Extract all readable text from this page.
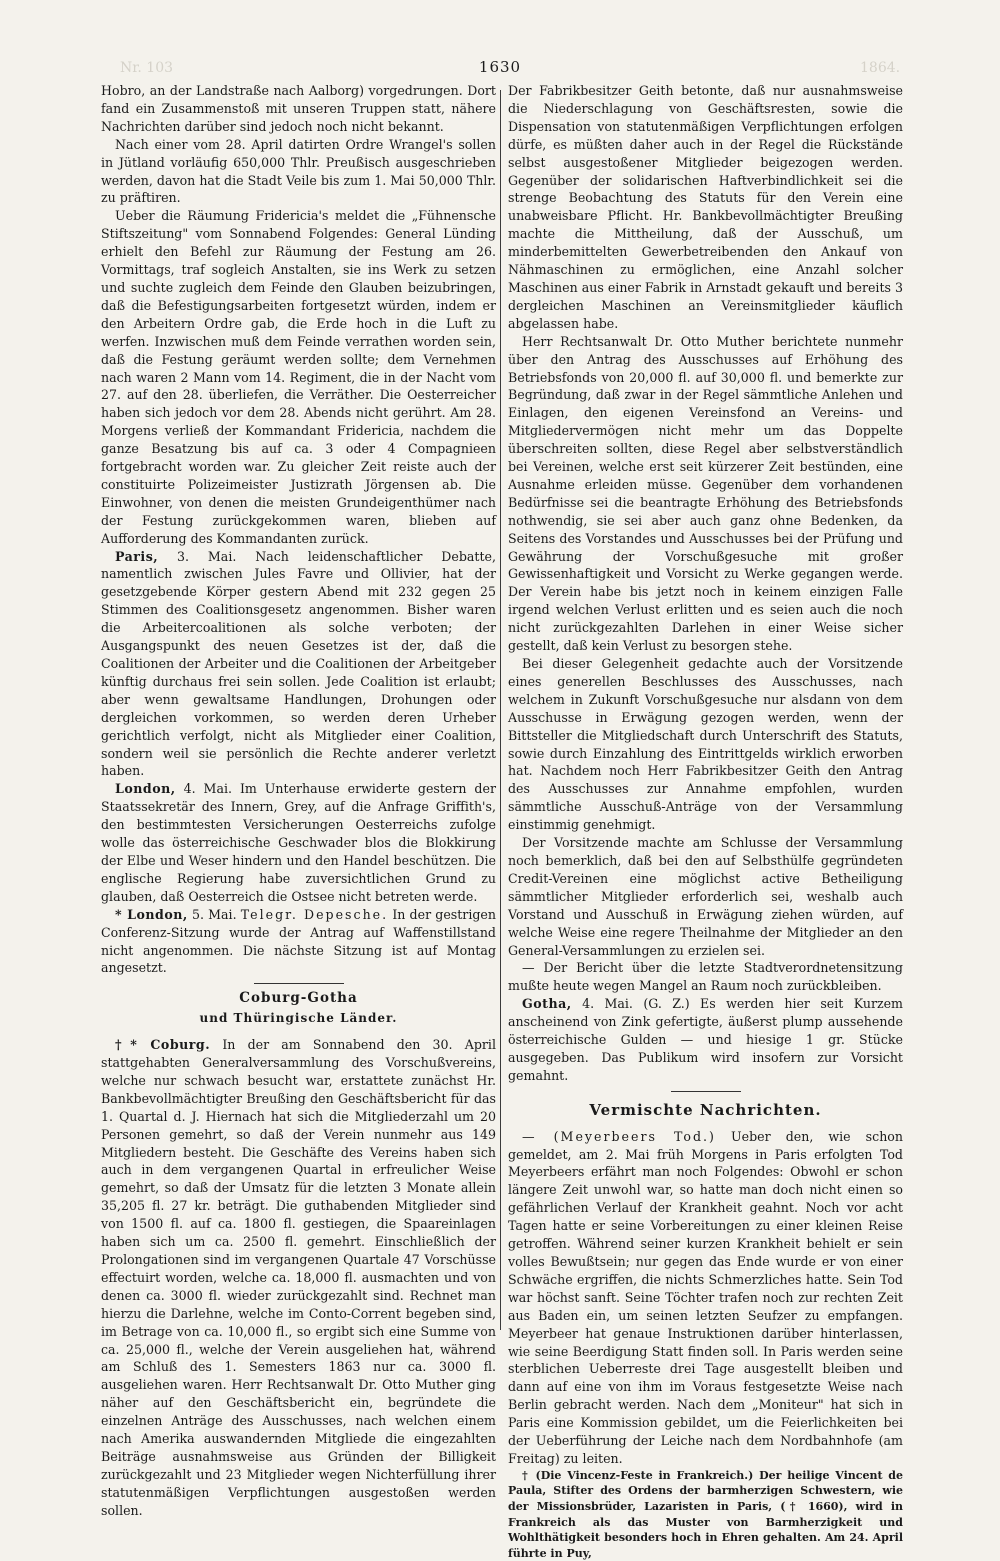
Nr. 103	1864.
1630

Hobro, an der Landstraße nach Aalborg) vorgedrungen. Dort fand ein Zusammenstoß mit unseren Truppen statt, nähere Nachrichten darüber sind jedoch noch nicht bekannt.

Nach einer vom 28. April datirten Ordre Wrangel's sollen in Jütland vorläufig 650,000 Thlr. Preußisch ausgeschrieben werden, davon hat die Stadt Veile bis zum 1. Mai 50,000 Thlr. zu präftiren.

Ueber die Räumung Fridericia's meldet die „Fühnensche Stiftszeitung" vom Sonnabend Folgendes: General Lünding erhielt den Befehl zur Räumung der Festung am 26. Vormittags, traf sogleich Anstalten, sie ins Werk zu setzen und suchte zugleich dem Feinde den Glauben beizubringen, daß die Befestigungsarbeiten fortgesetzt würden, indem er den Arbeitern Ordre gab, die Erde hoch in die Luft zu werfen. Inzwischen muß dem Feinde verrathen worden sein, daß die Festung geräumt werden sollte; dem Vernehmen nach waren 2 Mann vom 14. Regiment, die in der Nacht vom 27. auf den 28. überliefen, die Verräther. Die Oesterreicher haben sich jedoch vor dem 28. Abends nicht gerührt. Am 28. Morgens verließ der Kommandant Fridericia, nachdem die ganze Besatzung bis auf ca. 3 oder 4 Compagnieen fortgebracht worden war. Zu gleicher Zeit reiste auch der constituirte Polizeimeister Justizrath Jörgensen ab. Die Einwohner, von denen die meisten Grundeigenthümer nach der Festung zurückgekommen waren, blieben auf Aufforderung des Kommandanten zurück.

Paris, 3. Mai. Nach leidenschaftlicher Debatte, namentlich zwischen Jules Favre und Ollivier, hat der gesetzgebende Körper gestern Abend mit 232 gegen 25 Stimmen des Coalitionsgesetz angenommen. Bisher waren die Arbeitercoalitionen als solche verboten; der Ausgangspunkt des neuen Gesetzes ist der, daß die Coalitionen der Arbeiter und die Coalitionen der Arbeitgeber künftig durchaus frei sein sollen. Jede Coalition ist erlaubt; aber wenn gewaltsame Handlungen, Drohungen oder dergleichen vorkommen, so werden deren Urheber gerichtlich verfolgt, nicht als Mitglieder einer Coalition, sondern weil sie persönlich die Rechte anderer verletzt haben.

London, 4. Mai. Im Unterhause erwiderte gestern der Staatssekretär des Innern, Grey, auf die Anfrage Griffith's, den bestimmtesten Versicherungen Oesterreichs zufolge wolle das österreichische Geschwader blos die Blokkirung der Elbe und Weser hindern und den Handel beschützen. Die englische Regierung habe zuversichtlichen Grund zu glauben, daß Oesterreich die Ostsee nicht betreten werde.

* London, 5. Mai. Telegr. Depesche. In der gestrigen Conferenz-Sitzung wurde der Antrag auf Waffenstillstand nicht angenommen. Die nächste Sitzung ist auf Montag angesetzt.

Coburg-Gotha
und Thüringische Länder.

†* Coburg. In der am Sonnabend den 30. April stattgehabten Generalversammlung des Vorschußvereins, welche nur schwach besucht war, erstattete zunächst Hr. Bankbevollmächtigter Breußing den Geschäftsbericht für das 1. Quartal d. J. Hiernach hat sich die Mitgliederzahl um 20 Personen gemehrt, so daß der Verein nunmehr aus 149 Mitgliedern besteht. Die Geschäfte des Vereins haben sich auch in dem vergangenen Quartal in erfreulicher Weise gemehrt, so daß der Umsatz für die letzten 3 Monate allein 35,205 fl. 27 kr. beträgt. Die guthabenden Mitglieder sind von 1500 fl. auf ca. 1800 fl. gestiegen, die Spaareinlagen haben sich um ca. 2500 fl. gemehrt. Einschließlich der Prolongationen sind im vergangenen Quartale 47 Vorschüsse effectuirt worden, welche ca. 18,000 fl. ausmachten und von denen ca. 3000 fl. wieder zurückgezahlt sind. Rechnet man hierzu die Darlehne, welche im Conto-Corrent begeben sind, im Betrage von ca. 10,000 fl., so ergibt sich eine Summe von ca. 25,000 fl., welche der Verein ausgeliehen hat, während am Schluß des 1. Semesters 1863 nur ca. 3000 fl. ausgeliehen waren. Herr Rechtsanwalt Dr. Otto Muther ging näher auf den Geschäftsbericht ein, begründete die einzelnen Anträge des Ausschusses, nach welchen einem nach Amerika auswandernden Mitgliede die eingezahlten Beiträge ausnahmsweise aus Gründen der Billigkeit zurückgezahlt und 23 Mitglieder wegen Nichterfüllung ihrer statutenmäßigen Verpflichtungen ausgestoßen werden sollen.

Der Fabrikbesitzer Geith betonte, daß nur ausnahmsweise die Niederschlagung von Geschäftsresten, sowie die Dispensation von statutenmäßigen Verpflichtungen erfolgen dürfe, es müßten daher auch in der Regel die Rückstände selbst ausgestoßener Mitglieder beigezogen werden. Gegenüber der solidarischen Haftverbindlichkeit sei die strenge Beobachtung des Statuts für den Verein eine unabweisbare Pflicht. Hr. Bankbevollmächtigter Breußing machte die Mittheilung, daß der Ausschuß, um minderbemittelten Gewerbetreibenden den Ankauf von Nähmaschinen zu ermöglichen, eine Anzahl solcher Maschinen aus einer Fabrik in Arnstadt gekauft und bereits 3 dergleichen Maschinen an Vereinsmitglieder käuflich abgelassen habe.

Herr Rechtsanwalt Dr. Otto Muther berichtete nunmehr über den Antrag des Ausschusses auf Erhöhung des Betriebsfonds von 20,000 fl. auf 30,000 fl. und bemerkte zur Begründung, daß zwar in der Regel sämmtliche Anlehen und Einlagen, den eigenen Vereinsfond an Vereins- und Mitgliedervermögen nicht mehr um das Doppelte überschreiten sollten, diese Regel aber selbstverständlich bei Vereinen, welche erst seit kürzerer Zeit bestünden, eine Ausnahme erleiden müsse. Gegenüber dem vorhandenen Bedürfnisse sei die beantragte Erhöhung des Betriebsfonds nothwendig, sie sei aber auch ganz ohne Bedenken, da Seitens des Vorstandes und Ausschusses bei der Prüfung und Gewährung der Vorschußgesuche mit großer Gewissenhaftigkeit und Vorsicht zu Werke gegangen werde. Der Verein habe bis jetzt noch in keinem einzigen Falle irgend welchen Verlust erlitten und es seien auch die noch nicht zurückgezahlten Darlehen in einer Weise sicher gestellt, daß kein Verlust zu besorgen stehe.

Bei dieser Gelegenheit gedachte auch der Vorsitzende eines generellen Beschlusses des Ausschusses, nach welchem in Zukunft Vorschußgesuche nur alsdann von dem Ausschusse in Erwägung gezogen werden, wenn der Bittsteller die Mitgliedschaft durch Unterschrift des Statuts, sowie durch Einzahlung des Eintrittgelds wirklich erworben hat. Nachdem noch Herr Fabrikbesitzer Geith den Antrag des Ausschusses zur Annahme empfohlen, wurden sämmtliche Ausschuß-Anträge von der Versammlung einstimmig genehmigt.

Der Vorsitzende machte am Schlusse der Versammlung noch bemerklich, daß bei den auf Selbsthülfe gegründeten Credit-Vereinen eine möglichst active Betheiligung sämmtlicher Mitglieder erforderlich sei, weshalb auch Vorstand und Ausschuß in Erwägung ziehen würden, auf welche Weise eine regere Theilnahme der Mitglieder an den General-Versammlungen zu erzielen sei.

— Der Bericht über die letzte Stadtverordnetensitzung mußte heute wegen Mangel an Raum noch zurückbleiben.

Gotha, 4. Mai. (G. Z.) Es werden hier seit Kurzem anscheinend von Zink gefertigte, äußerst plump aussehende österreichische Gulden — und hiesige 1 gr. Stücke ausgegeben. Das Publikum wird insofern zur Vorsicht gemahnt.

Vermischte Nachrichten.

— (Meyerbeers Tod.) Ueber den, wie schon gemeldet, am 2. Mai früh Morgens in Paris erfolgten Tod Meyerbeers erfährt man noch Folgendes: Obwohl er schon längere Zeit unwohl war, so hatte man doch nicht einen so gefährlichen Verlauf der Krankheit geahnt. Noch vor acht Tagen hatte er seine Vorbereitungen zu einer kleinen Reise getroffen. Während seiner kurzen Krankheit behielt er sein volles Bewußtsein; nur gegen das Ende wurde er von einer Schwäche ergriffen, die nichts Schmerzliches hatte. Sein Tod war höchst sanft. Seine Töchter trafen noch zur rechten Zeit aus Baden ein, um seinen letzten Seufzer zu empfangen. Meyerbeer hat genaue Instruktionen darüber hinterlassen, wie seine Beerdigung Statt finden soll. In Paris werden seine sterblichen Ueberreste drei Tage ausgestellt bleiben und dann auf eine von ihm im Voraus festgesetzte Weise nach Berlin gebracht werden. Nach dem „Moniteur" hat sich in Paris eine Kommission gebildet, um die Feierlichkeiten bei der Ueberführung der Leiche nach dem Nordbahnhofe (am Freitag) zu leiten.

† (Die Vincenz-Feste in Frankreich.) Der heilige Vincent de Paula, Stifter des Ordens der barmherzigen Schwestern, wie der Missionsbrüder, Lazaristen in Paris, († 1660), wird in Frankreich als das Muster von Barmherzigkeit und Wohlthätigkeit besonders hoch in Ehren gehalten. Am 24. April führte in Puy,
